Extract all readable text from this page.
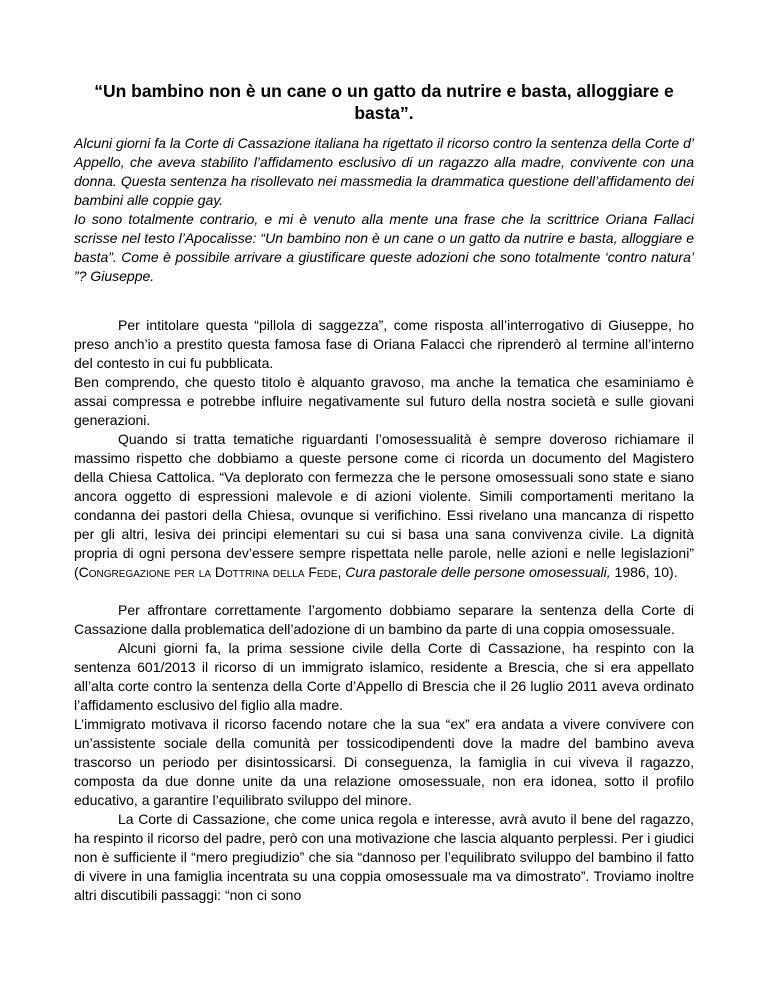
“Un bambino non è un cane o un gatto da nutrire e basta, alloggiare e basta”.

Alcuni giorni fa la Corte di Cassazione italiana ha rigettato il ricorso contro la sentenza della Corte d’ Appello, che aveva stabilito l’affidamento esclusivo di un ragazzo alla madre, convivente con una donna. Questa sentenza ha risollevato nei massmedia la drammatica questione dell’affidamento dei bambini alle coppie gay.

Io sono totalmente contrario, e mi è venuto alla mente una frase che la scrittrice Oriana Fallaci scrisse nel testo l’Apocalisse: “Un bambino non è un cane o un gatto da nutrire e basta, alloggiare e basta”. Come è possibile arrivare a giustificare queste adozioni che sono totalmente ‘contro natura’ ”? Giuseppe.

Per intitolare questa “pillola di saggezza”, come risposta all’interrogativo di Giuseppe, ho preso anch’io a prestito questa famosa fase di Oriana Falacci che riprenderò al termine all’interno del contesto in cui fu pubblicata.

Ben comprendo, che questo titolo è alquanto gravoso, ma anche la tematica che esaminiamo è assai compressa e potrebbe influire negativamente sul futuro della nostra società e sulle giovani generazioni.

Quando si tratta tematiche riguardanti l’omosessualità è sempre doveroso richiamare il massimo rispetto che dobbiamo a queste persone come ci ricorda un documento del Magistero della Chiesa Cattolica. “Va deplorato con fermezza che le persone omosessuali sono state e siano ancora oggetto di espressioni malevole e di azioni violente. Simili comportamenti meritano la condanna dei pastori della Chiesa, ovunque si verifichino. Essi rivelano una mancanza di rispetto per gli altri, lesiva dei principi elementari su cui si basa una sana convivenza civile. La dignità propria di ogni persona dev’essere sempre rispettata nelle parole, nelle azioni e nelle legislazioni” (Congregazione per la Dottrina della Fede, Cura pastorale delle persone omosessuali, 1986, 10).

Per affrontare correttamente l’argomento dobbiamo separare la sentenza della Corte di Cassazione dalla problematica dell’adozione di un bambino da parte di una coppia omosessuale.

Alcuni giorni fa, la prima sessione civile della Corte di Cassazione, ha respinto con la sentenza 601/2013 il ricorso di un immigrato islamico, residente a Brescia, che si era appellato all’alta corte contro la sentenza della Corte d’Appello di Brescia che il 26 luglio 2011 aveva ordinato l’affidamento esclusivo del figlio alla madre.

L’immigrato motivava il ricorso facendo notare che la sua “ex” era andata a vivere convivere con un’assistente sociale della comunità per tossicodipendenti dove la madre del bambino aveva trascorso un periodo per disintossicarsi. Di conseguenza, la famiglia in cui viveva il ragazzo, composta da due donne unite da una relazione omosessuale, non era idonea, sotto il profilo educativo, a garantire l’equilibrato sviluppo del minore.

La Corte di Cassazione, che come unica regola e interesse, avrà avuto il bene del ragazzo, ha respinto il ricorso del padre, però con una motivazione che lascia alquanto perplessi. Per i giudici non è sufficiente il “mero pregiudizio” che sia “dannoso per l’equilibrato sviluppo del bambino il fatto di vivere in una famiglia incentrata su una coppia omosessuale ma va dimostrato”. Troviamo inoltre altri discutibili passaggi: “non ci sono
